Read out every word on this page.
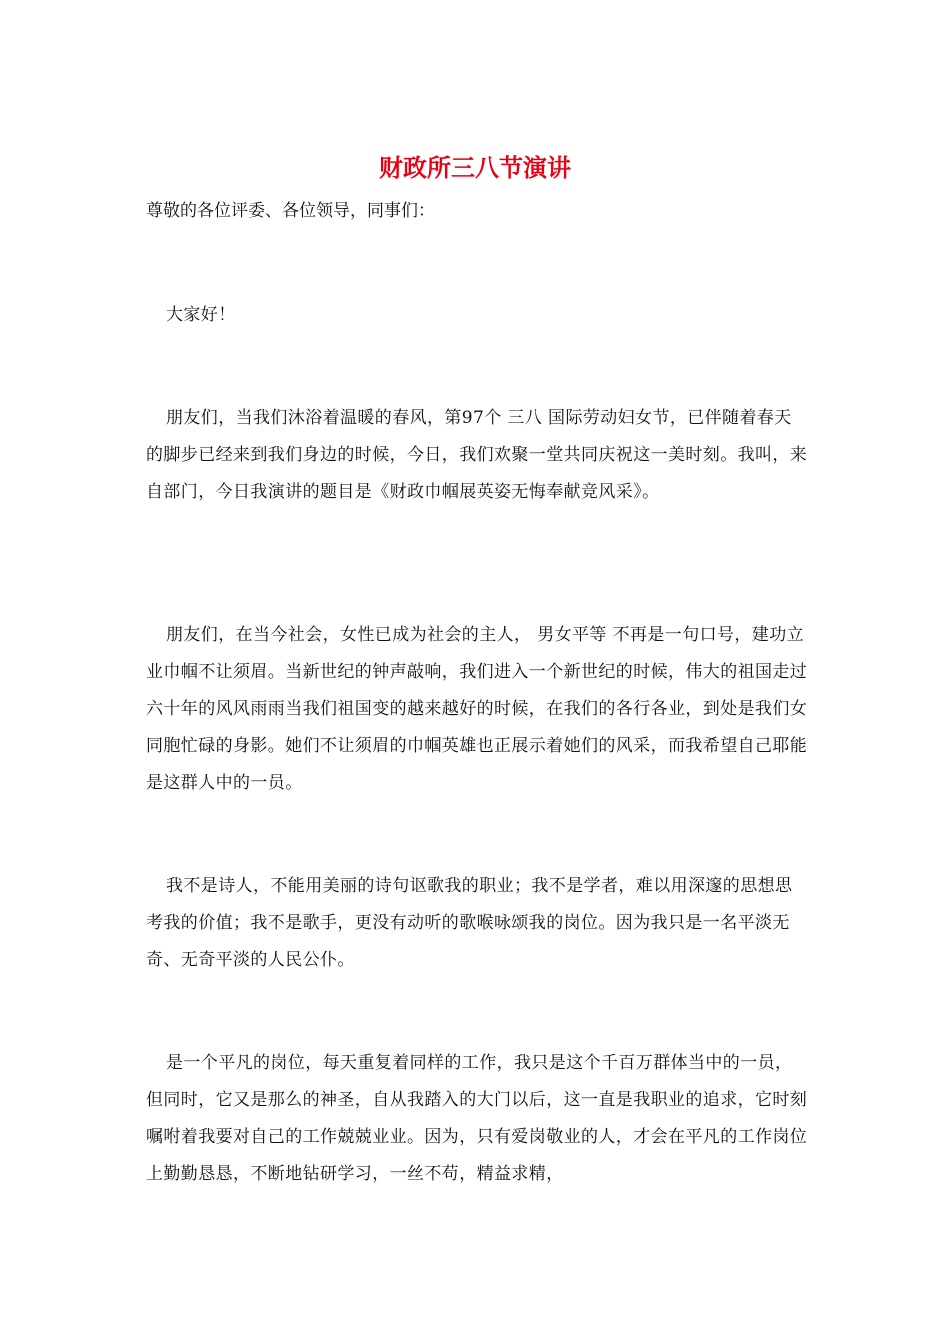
财政所三八节演讲

尊敬的各位评委、各位领导，同事们：

大家好！

朋友们，当我们沐浴着温暖的春风，第97个 三八 国际劳动妇女节，已伴随着春天的脚步已经来到我们身边的时候，今日，我们欢聚一堂共同庆祝这一美时刻。我叫，来自部门，今日我演讲的题目是《财政巾帼展英姿无悔奉献竞风采》。

朋友们，在当今社会，女性已成为社会的主人， 男女平等 不再是一句口号，建功立业巾帼不让须眉。当新世纪的钟声敲响，我们进入一个新世纪的时候，伟大的祖国走过六十年的风风雨雨当我们祖国变的越来越好的时候，在我们的各行各业，到处是我们女同胞忙碌的身影。她们不让须眉的巾帼英雄也正展示着她们的风采，而我希望自己耶能是这群人中的一员。

我不是诗人，不能用美丽的诗句讴歌我的职业；我不是学者，难以用深邃的思想思考我的价值；我不是歌手，更没有动听的歌喉咏颂我的岗位。因为我只是一名平淡无奇、无奇平淡的人民公仆。

是一个平凡的岗位，每天重复着同样的工作，我只是这个千百万群体当中的一员，但同时，它又是那么的神圣，自从我踏入的大门以后，这一直是我职业的追求，它时刻嘱咐着我要对自己的工作兢兢业业。因为，只有爱岗敬业的人，才会在平凡的工作岗位上勤勤恳恳，不断地钻研学习，一丝不苟，精益求精，
